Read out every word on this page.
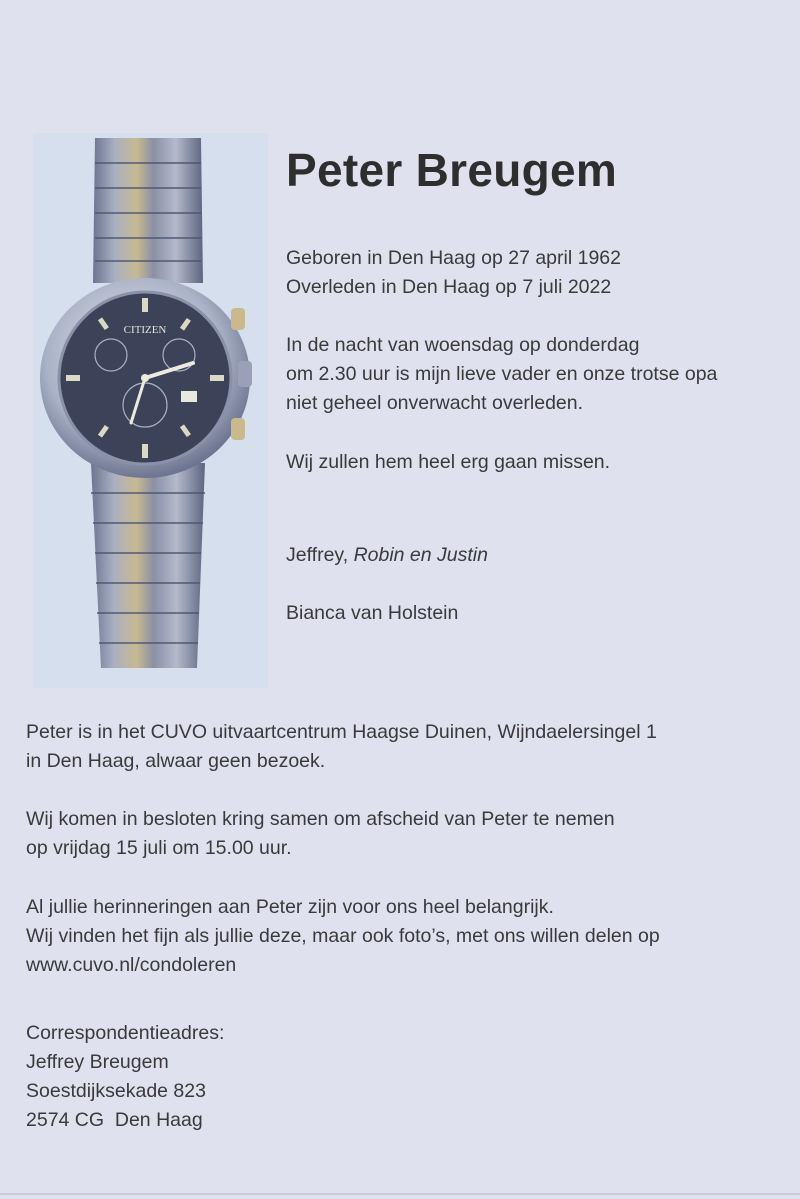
CITIZEN
Peter Breugem

Geboren in Den Haag op 27 april 1962

Overleden in Den Haag op 7 juli 2022

In de nacht van woensdag op donderdag
om 2.30 uur is mijn lieve vader en onze trotse opa
niet geheel onverwacht overleden.

Wij zullen hem heel erg gaan missen.

Jeffrey, Robin en Justin

Bianca van Holstein

Peter is in het CUVO uitvaartcentrum Haagse Duinen, Wijndaelersingel 1
in Den Haag, alwaar geen bezoek.
Wij komen in besloten kring samen om afscheid van Peter te nemen
op vrijdag 15 juli om 15.00 uur.
Al jullie herinneringen aan Peter zijn voor ons heel belangrijk.
Wij vinden het fijn als jullie deze, maar ook foto’s, met ons willen delen op
www.cuvo.nl/condoleren
Correspondentieadres:
Jeffrey Breugem
Soestdijksekade 823
2574 CG  Den Haag
